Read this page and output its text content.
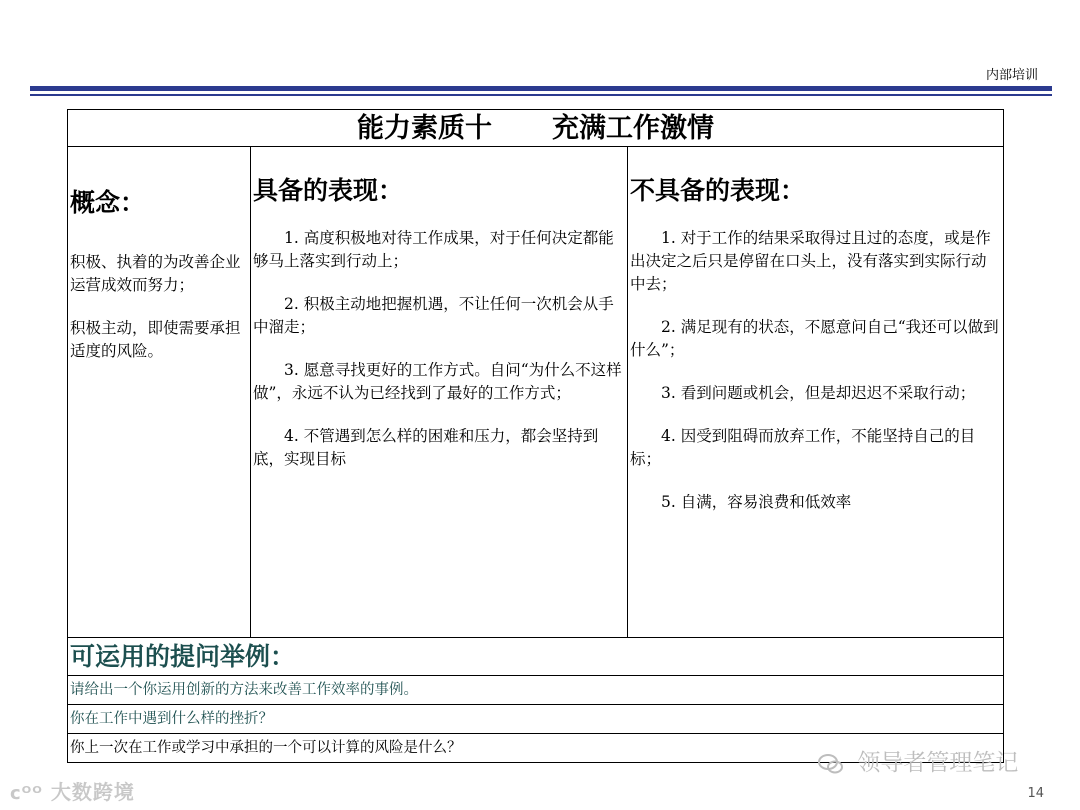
内部培训
能力素质十 充满工作激情
概念：

积极、执着的为改善企业运营成效而努力；

积极主动，即使需要承担适度的风险。

具备的表现：

1. 高度积极地对待工作成果，对于任何决定都能够马上落实到行动上；

2. 积极主动地把握机遇，不让任何一次机会从手中溜走；

3. 愿意寻找更好的工作方式。自问“为什么不这样做”，永远不认为已经找到了最好的工作方式；

4. 不管遇到怎么样的困难和压力，都会坚持到底，实现目标

不具备的表现：

1. 对于工作的结果采取得过且过的态度，或是作出决定之后只是停留在口头上，没有落实到实际行动中去；

2. 满足现有的状态，不愿意问自己“我还可以做到什么”；

3. 看到问题或机会，但是却迟迟不采取行动；

4. 因受到阻碍而放弃工作，不能坚持自己的目标；

5. 自满，容易浪费和低效率

可运用的提问举例：
请给出一个你运用创新的方法来改善工作效率的事例。
你在工作中遇到什么样的挫折？
你上一次在工作或学习中承担的一个可以计算的风险是什么？
ᴄᴼᴼ 大数跨境
领导者管理笔记
14
